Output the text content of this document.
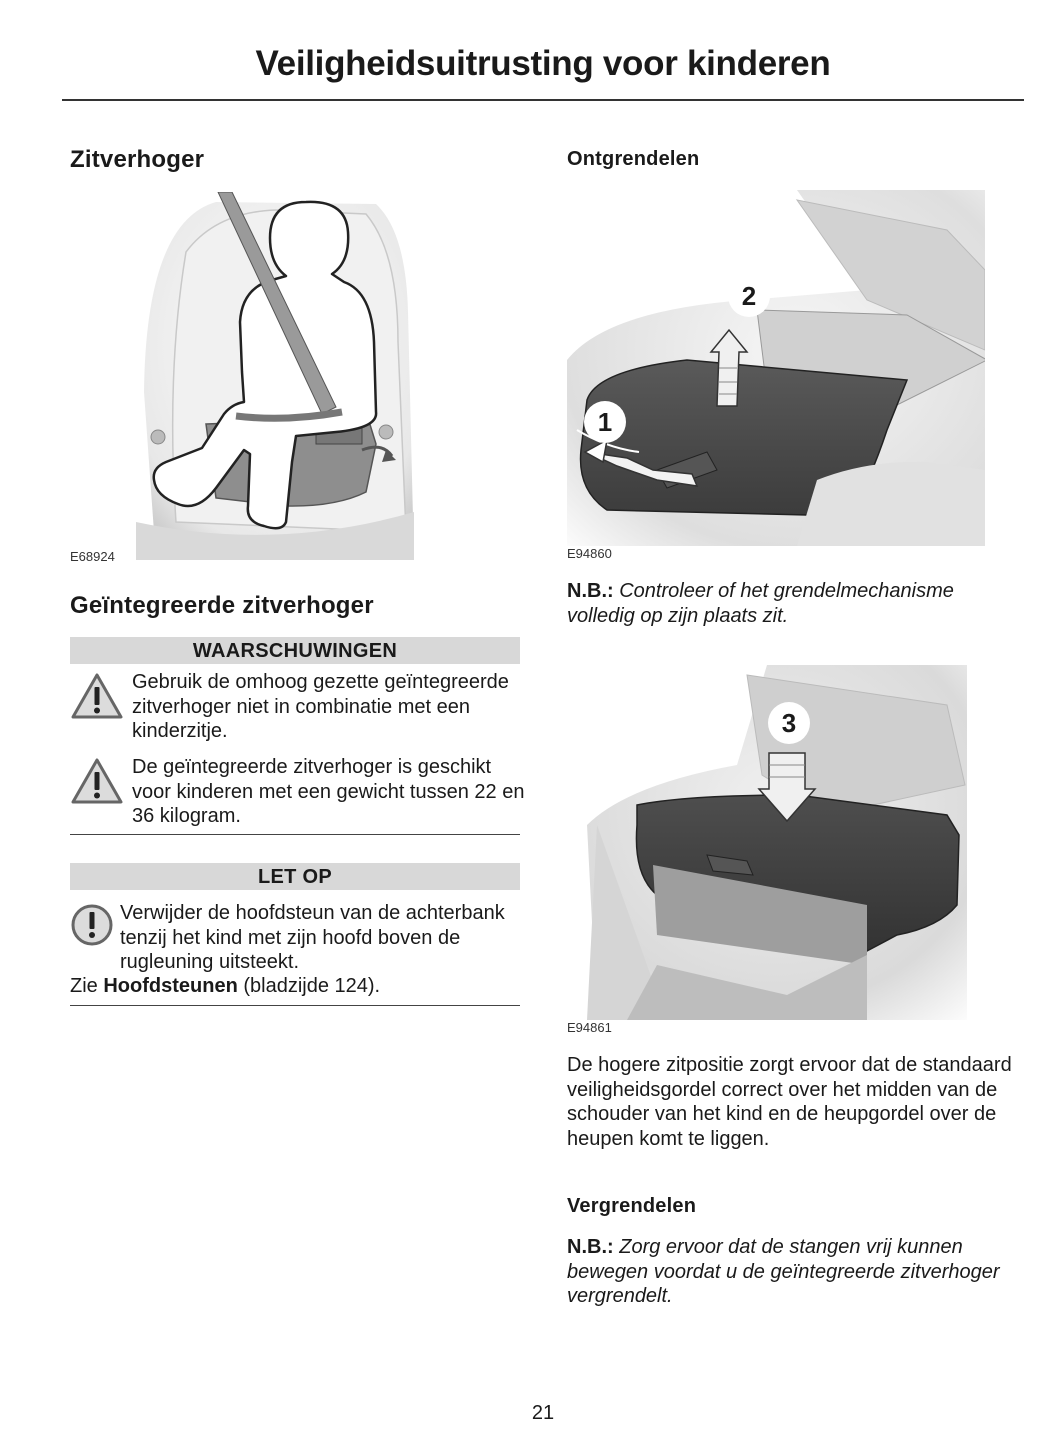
Veiligheidsuitrusting voor kinderen
Zitverhoger
E68924
Geïntegreerde zitverhoger
WAARSCHUWINGEN
Gebruik de omhoog gezette geïntegreerde zitverhoger niet in combinatie met een kinderzitje.
De geïntegreerde zitverhoger is geschikt voor kinderen met een gewicht tussen 22 en 36 kilogram.
LET OP
Verwijder de hoofdsteun van de achterbank tenzij het kind met zijn hoofd boven de rugleuning uitsteekt.
Zie Hoofdsteunen (bladzijde 124).
Ontgrendelen
2
1
E94860
N.B.: Controleer of het grendelmechanisme volledig op zijn plaats zit.
3
E94861
De hogere zitpositie zorgt ervoor dat de standaard veiligheidsgordel correct over het midden van de schouder van het kind en de heupgordel over de heupen komt te liggen.
Vergrendelen
N.B.: Zorg ervoor dat de stangen vrij kunnen bewegen voordat u de geïntegreerde zitverhoger vergrendelt.
21
